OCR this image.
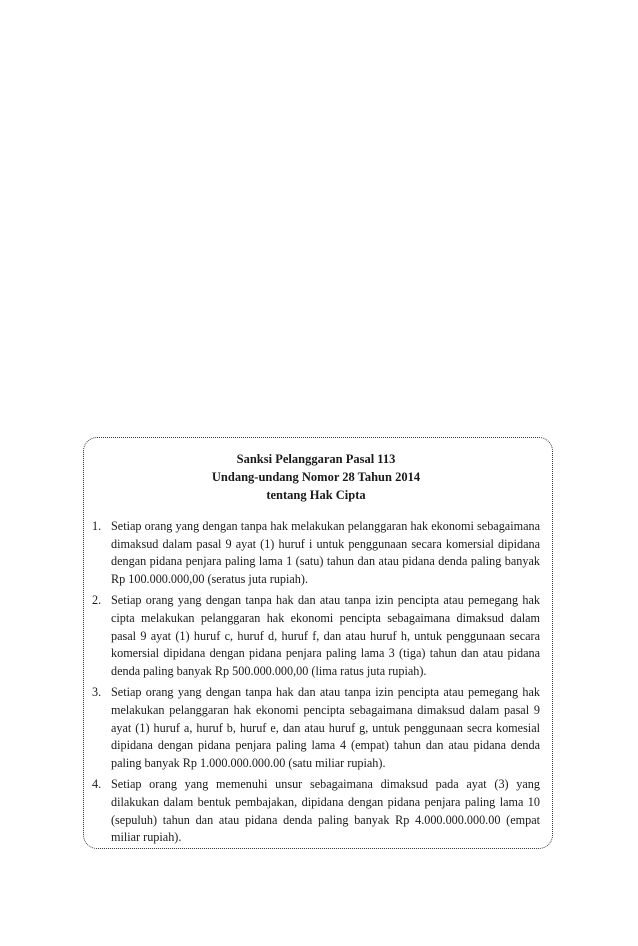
Sanksi Pelanggaran Pasal 113
Undang-undang Nomor 28 Tahun 2014
tentang Hak Cipta
1. Setiap orang yang dengan tanpa hak melakukan pelanggaran hak ekonomi sebagaimana dimaksud dalam pasal 9 ayat (1) huruf i untuk penggunaan secara komersial dipidana dengan pidana penjara paling lama 1 (satu) tahun dan atau pidana denda paling banyak Rp 100.000.000,00 (seratus juta rupiah).
2. Setiap orang yang dengan tanpa hak dan atau tanpa izin pencipta atau pemegang hak cipta melakukan pelanggaran hak ekonomi pencipta sebagaimana dimaksud dalam pasal 9 ayat (1) huruf c, huruf d, huruf f, dan atau huruf h, untuk penggunaan secara komersial dipidana dengan pidana penjara paling lama 3 (tiga) tahun dan atau pidana denda paling banyak Rp 500.000.000,00 (lima ratus juta rupiah).
3. Setiap orang yang dengan tanpa hak dan atau tanpa izin pencipta atau pemegang hak melakukan pelanggaran hak ekonomi pencipta sebagaimana dimaksud dalam pasal 9 ayat (1) huruf a, huruf b, huruf e, dan atau huruf g, untuk penggunaan secra komesial dipidana dengan pidana penjara paling lama 4 (empat) tahun dan atau pidana denda paling banyak Rp 1.000.000.000.00 (satu miliar rupiah).
4. Setiap orang yang memenuhi unsur sebagaimana dimaksud pada ayat (3) yang dilakukan dalam bentuk pembajakan, dipidana dengan pidana penjara paling lama 10 (sepuluh) tahun dan atau pidana denda paling banyak Rp 4.000.000.000.00 (empat miliar rupiah).
